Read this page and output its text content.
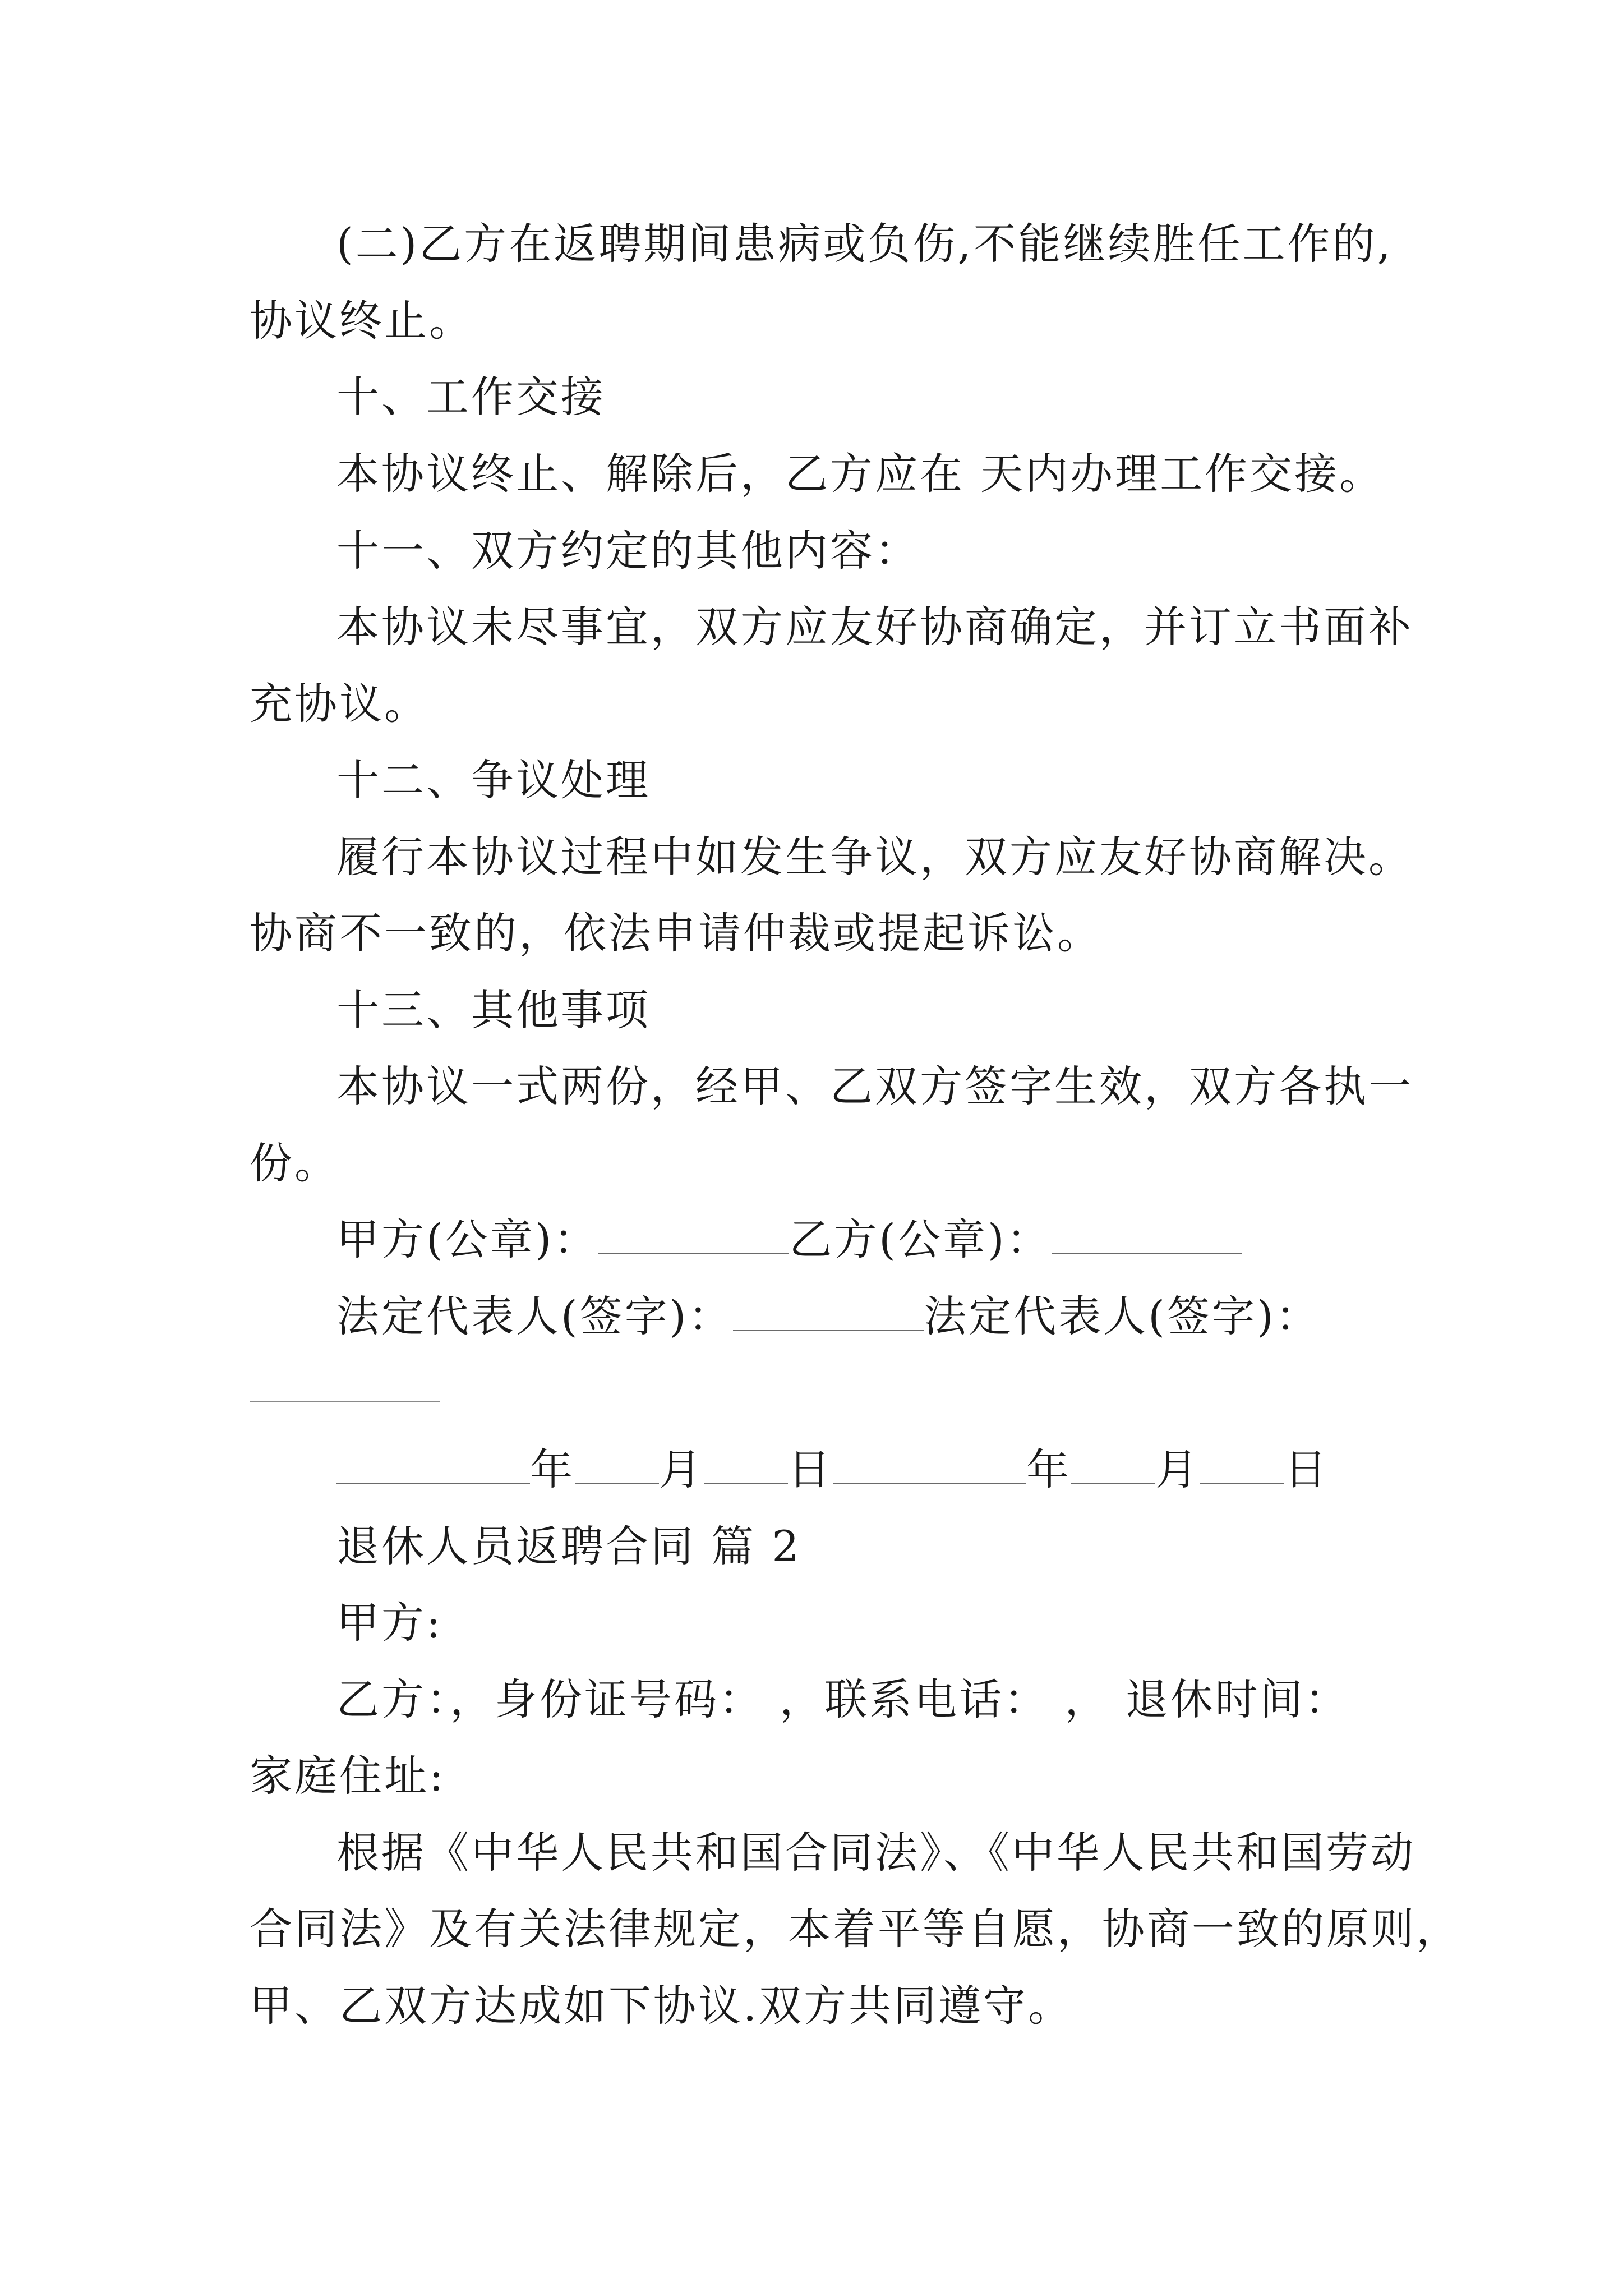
(二)乙方在返聘期间患病或负伤,不能继续胜任工作的,
协议终止。
十、工作交接
本协议终止、解除后，乙方应在 天内办理工作交接。
十一、双方约定的其他内容：
本协议未尽事宜，双方应友好协商确定，并订立书面补
充协议。
十二、争议处理
履行本协议过程中如发生争议，双方应友好协商解决。
协商不一致的，依法申请仲裁或提起诉讼。
十三、其他事项
本协议一式两份，经甲、乙双方签字生效，双方各执一
份。
甲方(公章)：	乙方(公章)：
法定代表人(签字)：	法定代表人(签字)：
年 月 日	年 月 日
退休人员返聘合同 篇 2
甲方:
乙方：，身份证号码： ，联系电话： ， 退休时间：
家庭住址:
根据《中华人民共和国合同法》、《中华人民共和国劳动
合同法》及有关法律规定，本着平等自愿，协商一致的原则，
甲、乙双方达成如下协议.双方共同遵守。
